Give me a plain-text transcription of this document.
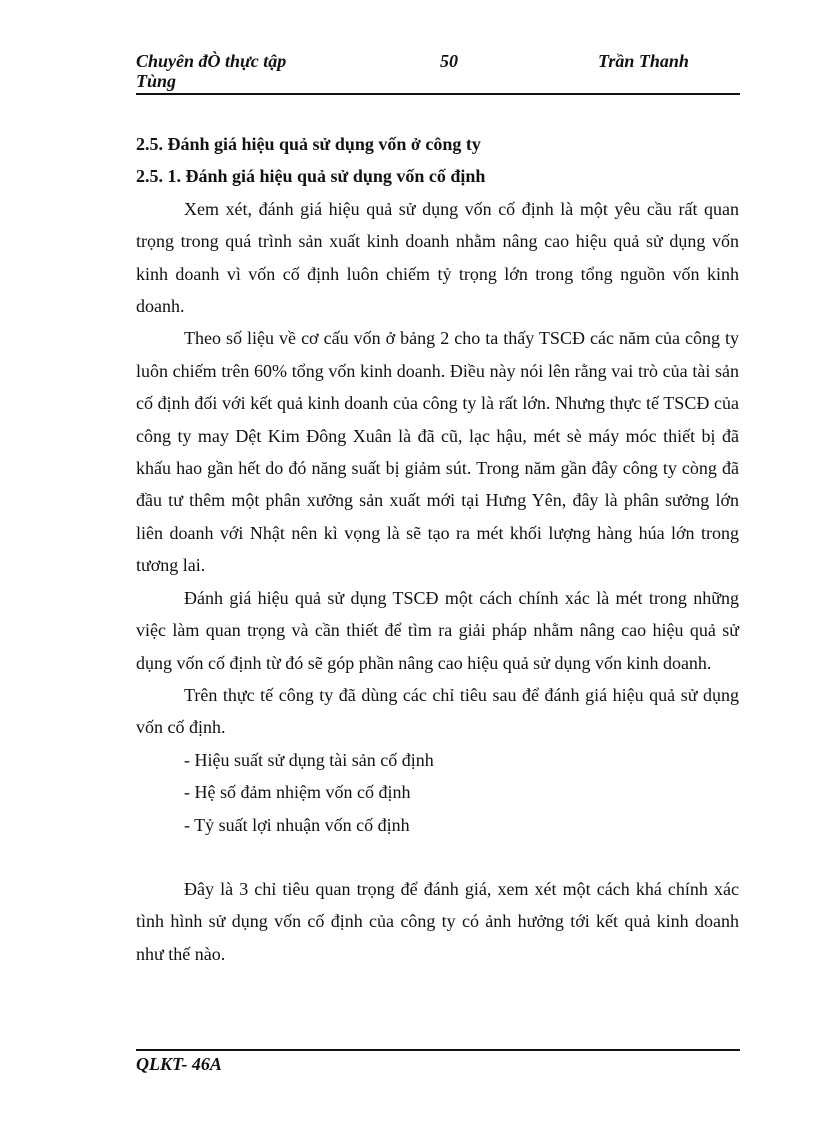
Chuyên đÒ thực tập	50	Trần Thanh
Tùng

2.5. Đánh giá hiệu quả sử dụng vốn ở công ty

2.5. 1. Đánh giá hiệu quả sử dụng vốn cố định

Xem xét, đánh giá hiệu quả sử dụng vốn cố định là một yêu cầu rất quan trọng trong quá trình sản xuất kinh doanh nhằm nâng cao hiệu quả sử dụng vốn kinh doanh vì vốn cố định luôn chiếm tỷ trọng lớn trong tổng nguồn vốn kinh doanh.

Theo số liệu về cơ cấu vốn ở bảng 2 cho ta thấy TSCĐ các năm của công ty luôn chiếm trên 60% tổng vốn kinh doanh. Điều này nói lên rằng vai trò của tài sản cố định đối với kết quả kinh doanh của công ty là rất lớn. Nhưng thực tế TSCĐ của công ty may Dệt Kim Đông Xuân là đã cũ, lạc hậu, mét sè máy móc thiết bị đã khấu hao gần hết do đó năng suất bị giảm sút. Trong năm gần đây công ty còng đã đầu tư thêm một phân xưởng sản xuất mới tại Hưng Yên, đây là phân sưởng lớn liên doanh với Nhật nên kì vọng là sẽ tạo ra mét khối lượng hàng húa lớn trong tương lai.

Đánh giá hiệu quả sử dụng TSCĐ một cách chính xác là mét trong những việc làm quan trọng và cần thiết để tìm ra giải pháp nhằm nâng cao hiệu quả sử dụng vốn cố định từ đó sẽ góp phần nâng cao hiệu quả sử dụng vốn kinh doanh.

Trên thực tế công ty đã dùng các chỉ tiêu sau để đánh giá hiệu quả sử dụng vốn cố định.

- Hiệu suất sử dụng tài sản cố định

- Hệ số đảm nhiệm vốn cố định

- Tỷ suất lợi nhuận vốn cố định

Đây là 3 chỉ tiêu quan trọng để đánh giá, xem xét một cách khá chính xác tình hình sử dụng vốn cố định của công ty có ảnh hưởng tới kết quả kinh doanh như thế nào.

QLKT- 46A
